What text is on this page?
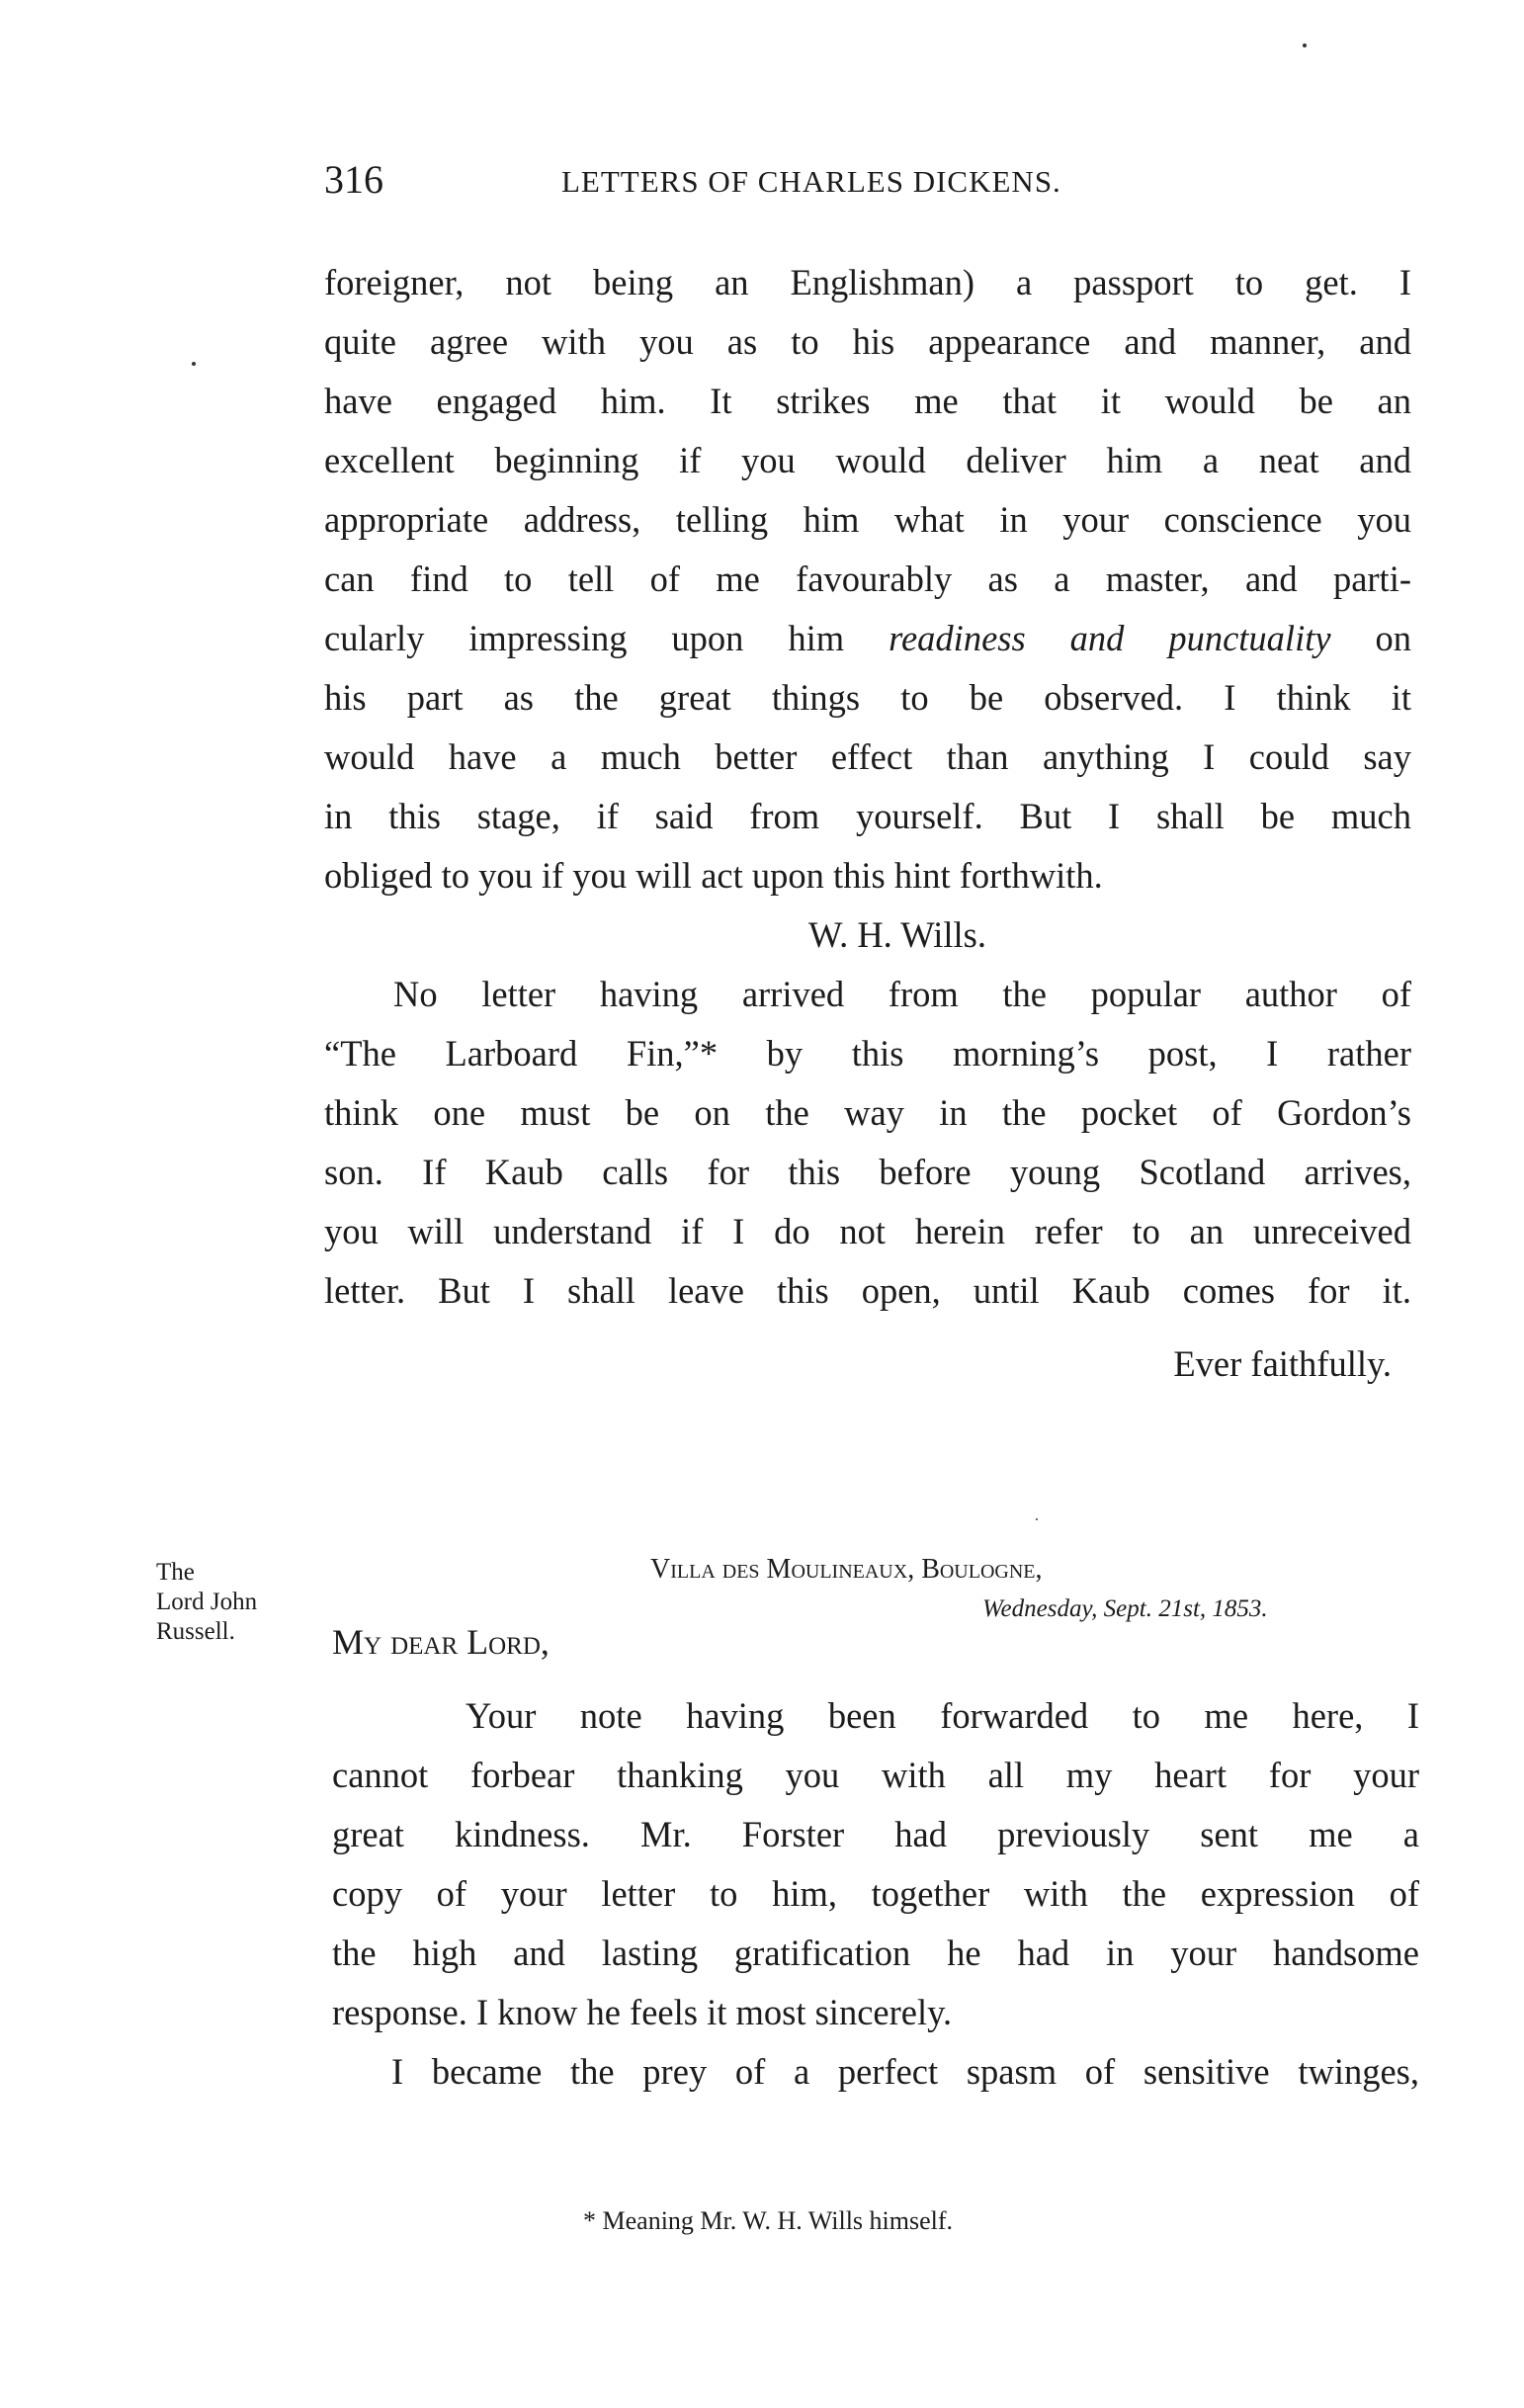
316	LETTERS OF CHARLES DICKENS.
foreigner, not being an Englishman) a passport to get. I
quite agree with you as to his appearance and manner, and
have engaged him. It strikes me that it would be an
excellent beginning if you would deliver him a neat and
appropriate address, telling him what in your conscience you
can find to tell of me favourably as a master, and parti-
cularly impressing upon him readiness and punctuality on
his part as the great things to be observed. I think it
would have a much better effect than anything I could say
in this stage, if said from yourself. But I shall be much
obliged to you if you will act upon this hint forthwith.
W. H. Wills.
No letter having arrived from the popular author of
“The Larboard Fin,”* by this morning’s post, I rather
think one must be on the way in the pocket of Gordon’s
son. If Kaub calls for this before young Scotland arrives,
you will understand if I do not herein refer to an unreceived
letter. But I shall leave this open, until Kaub comes for it.
Ever faithfully.
The
Lord John
Russell.
Villa des Moulineaux, Boulogne,
Wednesday, Sept. 21st, 1853.
My dear Lord,
Your note having been forwarded to me here, I
cannot forbear thanking you with all my heart for your
great kindness. Mr. Forster had previously sent me a
copy of your letter to him, together with the expression of
the high and lasting gratification he had in your handsome
response. I know he feels it most sincerely.
I became the prey of a perfect spasm of sensitive twinges,
* Meaning Mr. W. H. Wills himself.
